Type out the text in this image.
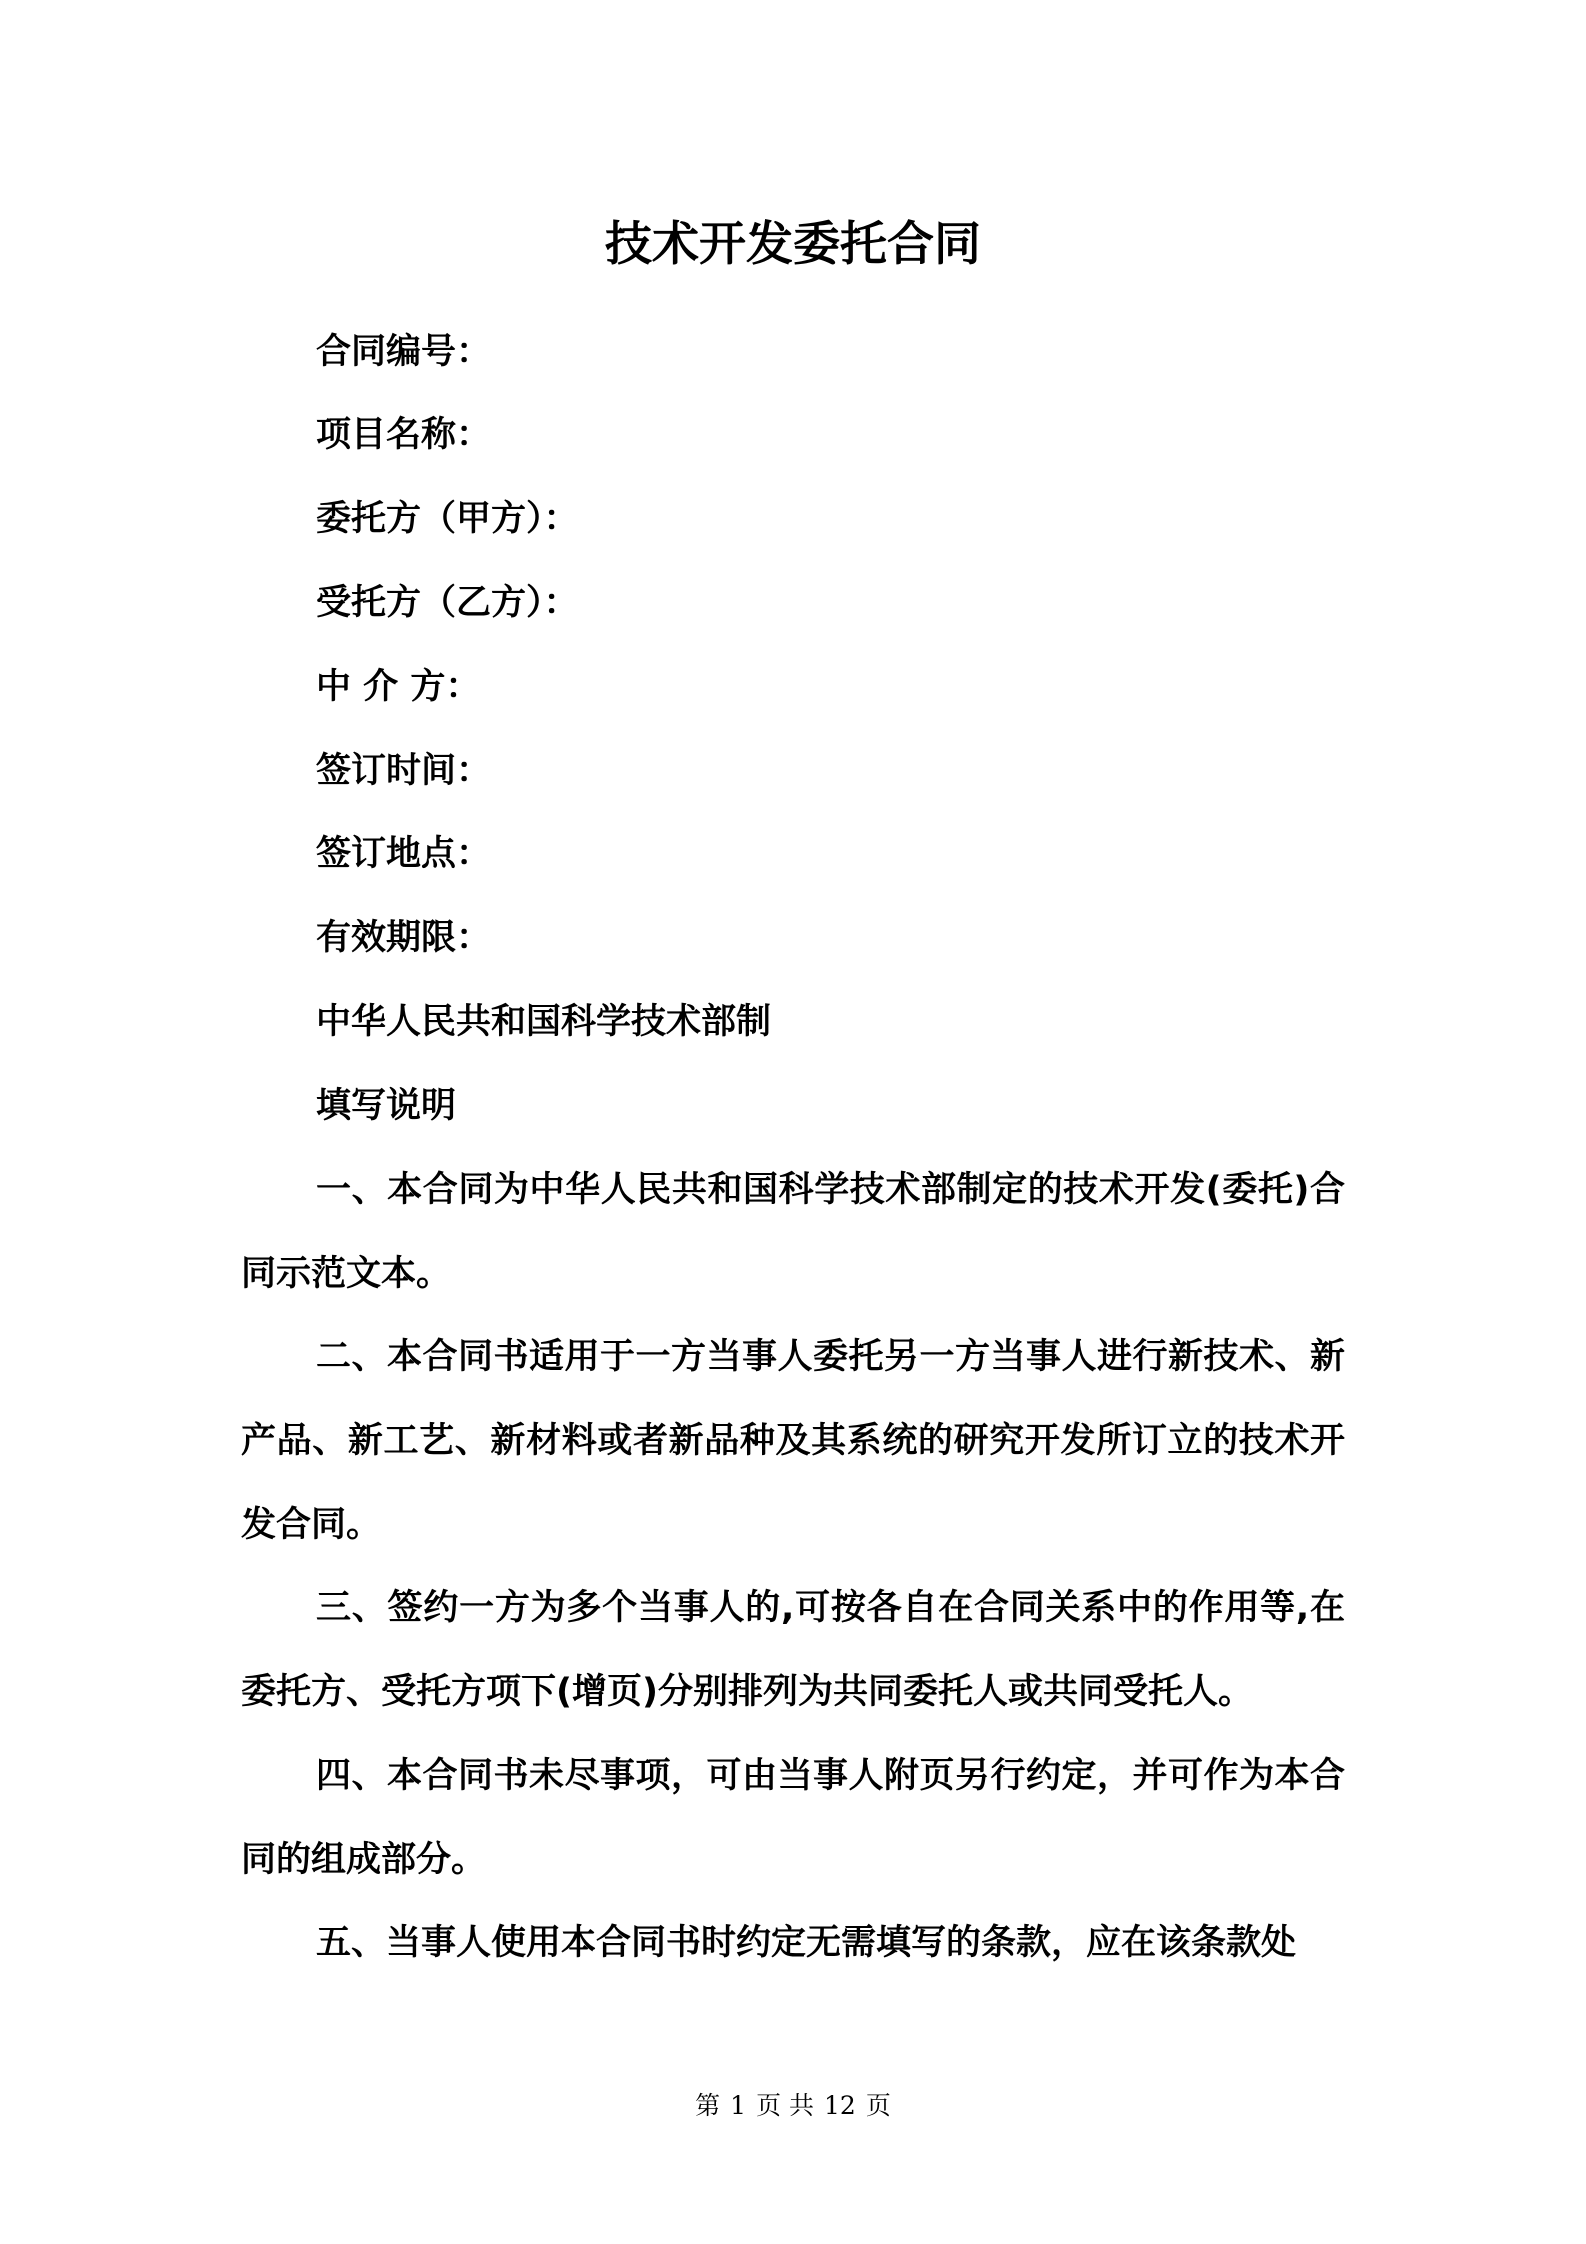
技术开发委托合同

合同编号：

项目名称：

委托方（甲方）：

受托方（乙方）：

中 介 方：

签订时间：

签订地点：

有效期限：

中华人民共和国科学技术部制

填写说明

一、本合同为中华人民共和国科学技术部制定的技术开发(委托)合同示范文本。

二、本合同书适用于一方当事人委托另一方当事人进行新技术、新产品、新工艺、新材料或者新品种及其系统的研究开发所订立的技术开发合同。

三、签约一方为多个当事人的,可按各自在合同关系中的作用等,在委托方、受托方项下(增页)分别排列为共同委托人或共同受托人。

四、本合同书未尽事项，可由当事人附页另行约定，并可作为本合同的组成部分。

五、当事人使用本合同书时约定无需填写的条款，应在该条款处

第 1 页 共 12 页
